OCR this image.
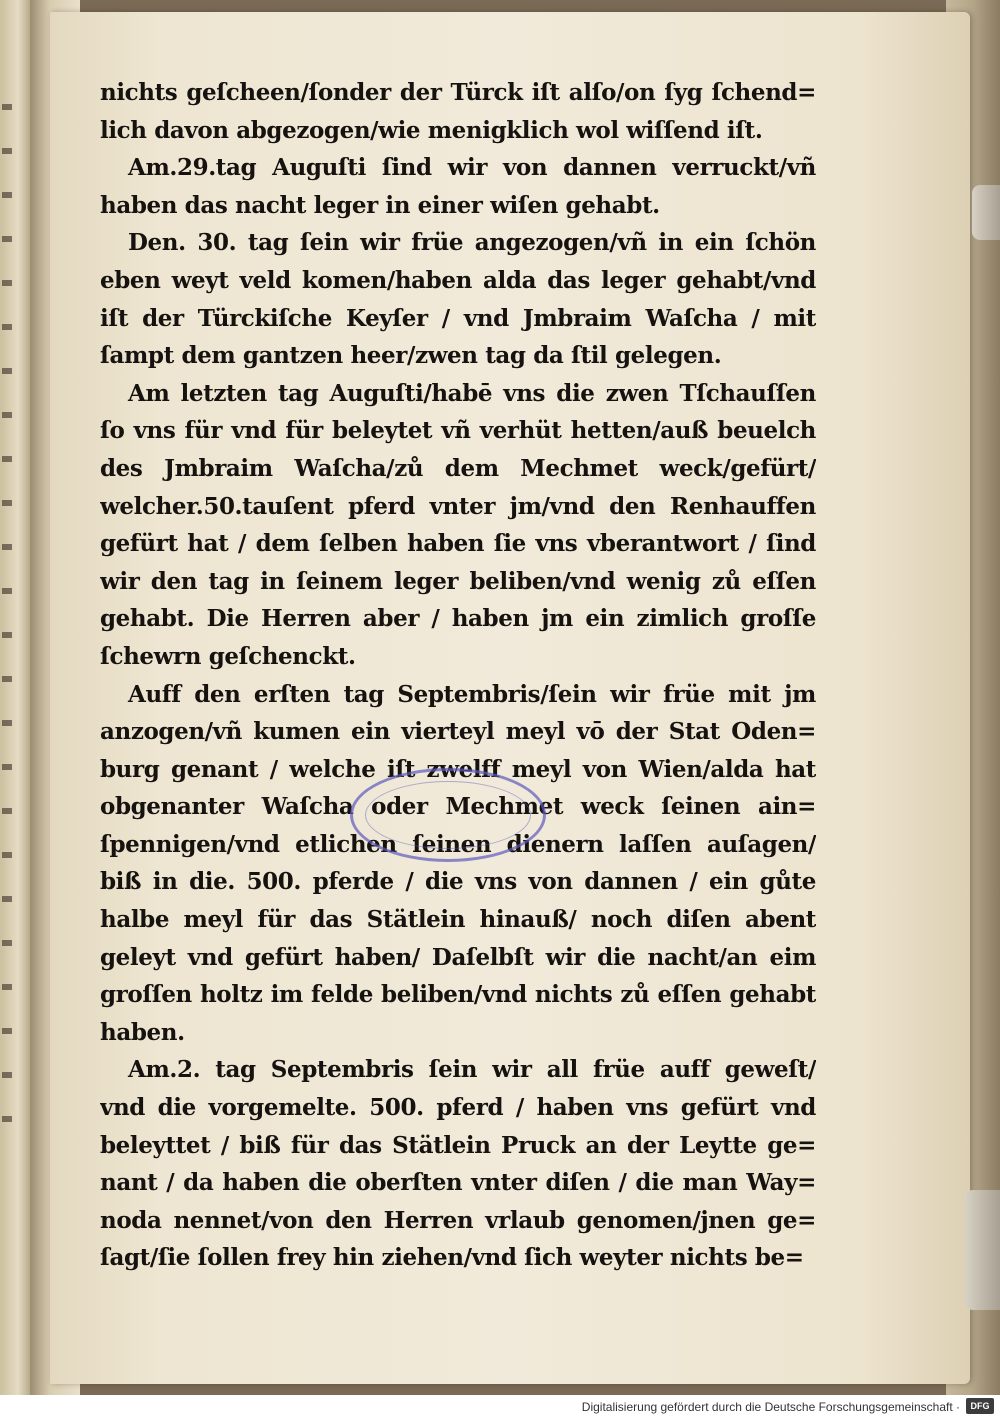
nichts geſcheen/ſonder der Türck iſt alſo/on ſyg ſchend=
lich davon abgezogen/wie menigklich wol wiſſend iſt.
Am.29.tag Auguſti ſind wir von dannen verruckt/vñ
haben das nacht leger in einer wiſen gehabt.
Den. 30. tag ſein wir früe angezogen/vñ in ein ſchön
eben weyt veld komen/haben alda das leger gehabt/vnd
iſt der Türckiſche Keyſer / vnd Jmbraim Waſcha / mit
ſampt dem gantzen heer/zwen tag da ſtil gelegen.
Am letzten tag Auguſti/habē vns die zwen Tſchauſſen
ſo vns für vnd für beleytet vñ verhüt hetten/auß beuelch
des Jmbraim Waſcha/zů dem Mechmet weck/gefürt/
welcher.50.tauſent pferd vnter jm/vnd den Renhauffen
gefürt hat / dem ſelben haben ſie vns vberantwort / ſind
wir den tag in ſeinem leger beliben/vnd wenig zů eſſen
gehabt. Die Herren aber / haben jm ein zimlich groſſe
ſchewrn geſchenckt.
Auff den erſten tag Septembris/ſein wir früe mit jm
anzogen/vñ kumen ein vierteyl meyl vō der Stat Oden=
burg genant / welche iſt zwelff meyl von Wien/alda hat
obgenanter Waſcha oder Mechmet weck ſeinen ain=
ſpennigen/vnd etlichen ſeinen dienern laſſen auſagen/
biß in die. 500. pferde / die vns von dannen / ein gůte
halbe meyl für das Stätlein hinauß/ noch diſen abent
geleyt vnd gefürt haben/ Daſelbſt wir die nacht/an eim
groſſen holtz im felde beliben/vnd nichts zů eſſen gehabt
haben.
Am.2. tag Septembris ſein wir all früe auff geweſt/
vnd die vorgemelte. 500. pferd / haben vns gefürt vnd
beleyttet / biß für das Stätlein Pruck an der Leytte ge=
nant / da haben die oberſten vnter diſen / die man Way=
noda nennet/von den Herren vrlaub genomen/jnen ge=
ſagt/ſie ſollen frey hin ziehen/vnd ſich weyter nichts be=
Digitalisierung gefördert durch die Deutsche Forschungsgemeinschaft ·	DFG
